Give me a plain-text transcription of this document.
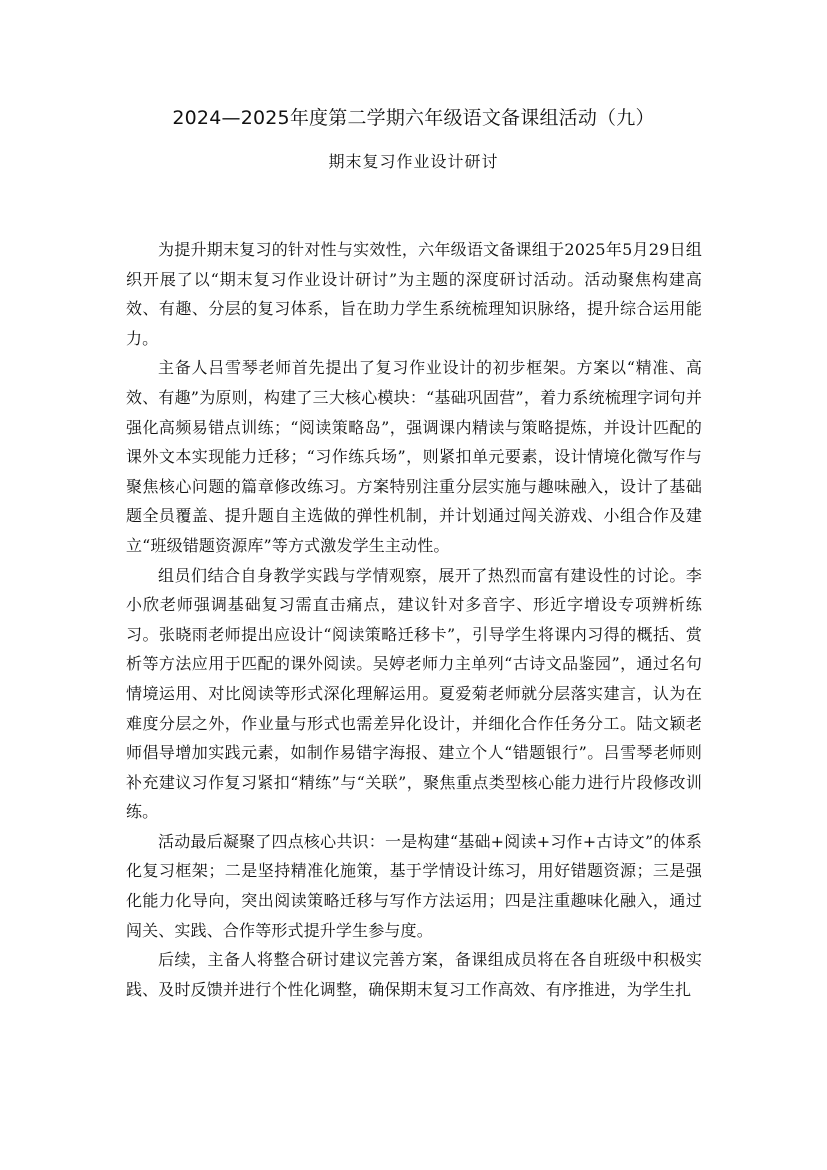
2024—2025年度第二学期六年级语文备课组活动（九）
期末复习作业设计研讨

为提升期末复习的针对性与实效性，六年级语文备课组于2025年5月29日组织开展了以“期末复习作业设计研讨”为主题的深度研讨活动。活动聚焦构建高效、有趣、分层的复习体系，旨在助力学生系统梳理知识脉络，提升综合运用能力。

主备人吕雪琴老师首先提出了复习作业设计的初步框架。方案以“精准、高效、有趣”为原则，构建了三大核心模块：“基础巩固营”，着力系统梳理字词句并强化高频易错点训练；“阅读策略岛”，强调课内精读与策略提炼，并设计匹配的课外文本实现能力迁移；“习作练兵场”，则紧扣单元要素，设计情境化微写作与聚焦核心问题的篇章修改练习。方案特别注重分层实施与趣味融入，设计了基础题全员覆盖、提升题自主选做的弹性机制，并计划通过闯关游戏、小组合作及建立“班级错题资源库”等方式激发学生主动性。

组员们结合自身教学实践与学情观察，展开了热烈而富有建设性的讨论。李小欣老师强调基础复习需直击痛点，建议针对多音字、形近字增设专项辨析练习。张晓雨老师提出应设计“阅读策略迁移卡”，引导学生将课内习得的概括、赏析等方法应用于匹配的课外阅读。吴婷老师力主单列“古诗文品鉴园”，通过名句情境运用、对比阅读等形式深化理解运用。夏爱菊老师就分层落实建言，认为在难度分层之外，作业量与形式也需差异化设计，并细化合作任务分工。陆文颖老师倡导增加实践元素，如制作易错字海报、建立个人“错题银行”。吕雪琴老师则补充建议习作复习紧扣“精练”与“关联”，聚焦重点类型核心能力进行片段修改训练。

活动最后凝聚了四点核心共识：一是构建“基础+阅读+习作+古诗文”的体系化复习框架；二是坚持精准化施策，基于学情设计练习，用好错题资源；三是强化能力化导向，突出阅读策略迁移与写作方法运用；四是注重趣味化融入，通过闯关、实践、合作等形式提升学生参与度。

后续，主备人将整合研讨建议完善方案，备课组成员将在各自班级中积极实践、及时反馈并进行个性化调整，确保期末复习工作高效、有序推进，为学生扎
